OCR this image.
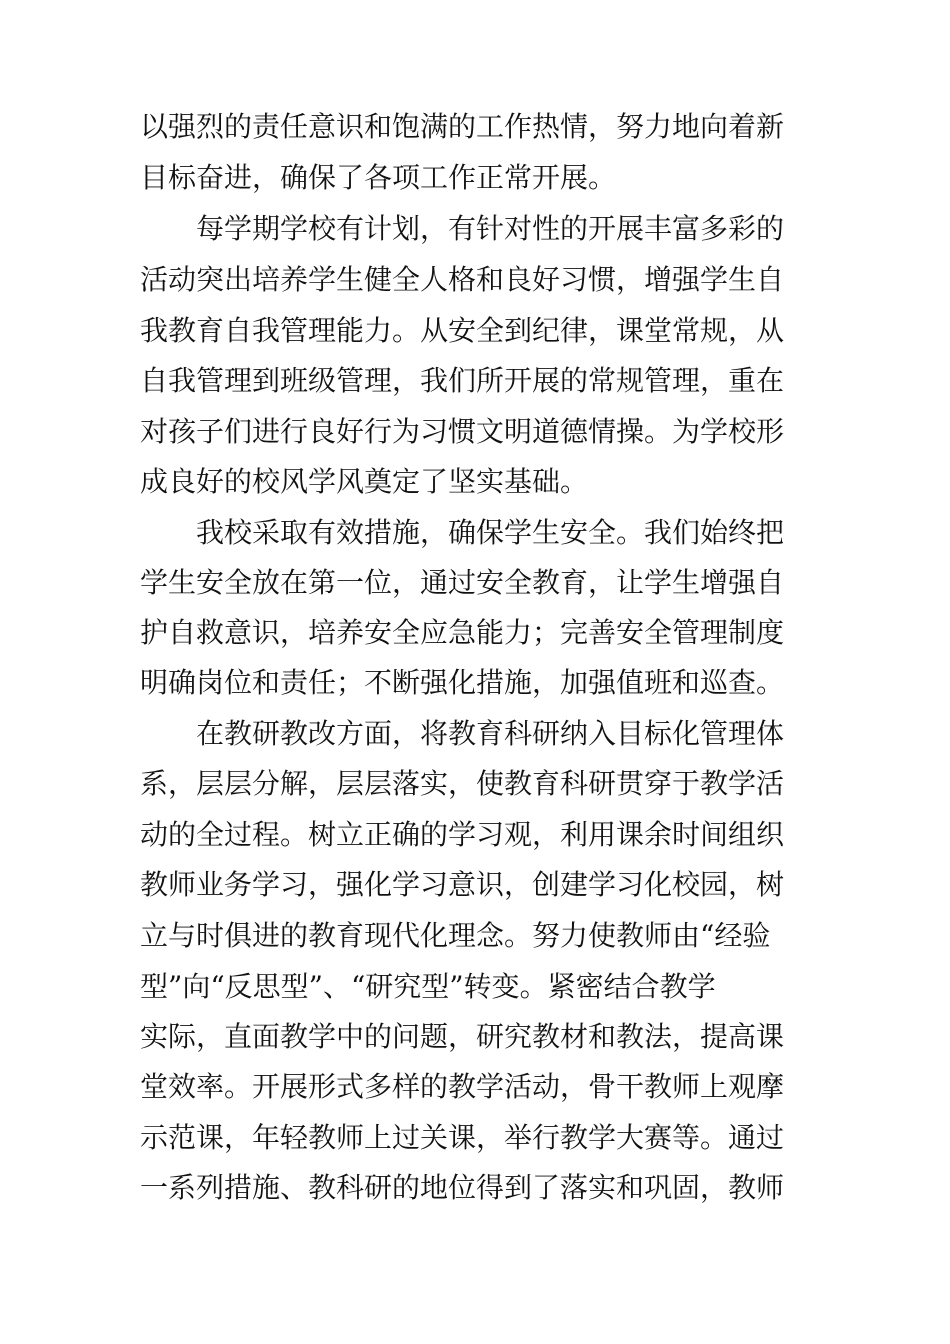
以强烈的责任意识和饱满的工作热情，努力地向着新
目标奋进，确保了各项工作正常开展。
每学期学校有计划，有针对性的开展丰富多彩的
活动突出培养学生健全人格和良好习惯，增强学生自
我教育自我管理能力。从安全到纪律，课堂常规，从
自我管理到班级管理，我们所开展的常规管理，重在
对孩子们进行良好行为习惯文明道德情操。为学校形
成良好的校风学风奠定了坚实基础。
我校采取有效措施，确保学生安全。我们始终把
学生安全放在第一位，通过安全教育，让学生增强自
护自救意识，培养安全应急能力；完善安全管理制度
明确岗位和责任；不断强化措施，加强值班和巡查。
在教研教改方面，将教育科研纳入目标化管理体
系，层层分解，层层落实，使教育科研贯穿于教学活
动的全过程。树立正确的学习观，利用课余时间组织
教师业务学习，强化学习意识，创建学习化校园，树
立与时俱进的教育现代化理念。努力使教师由“经验
型”向“反思型”、“研究型”转变。紧密结合教学
实际，直面教学中的问题，研究教材和教法，提高课
堂效率。开展形式多样的教学活动，骨干教师上观摩
示范课，年轻教师上过关课，举行教学大赛等。通过
一系列措施、教科研的地位得到了落实和巩固，教师
